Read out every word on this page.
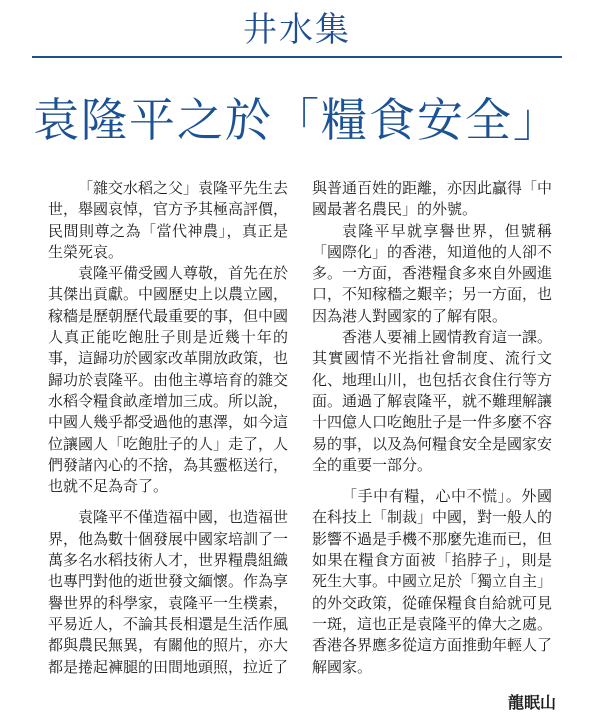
井水集
袁隆平之於「糧食安全」

「雜交水稻之父」袁隆平先生去世，舉國哀悼，官方予其極高評價，民間則尊之為「當代神農」，真正是生榮死哀。

袁隆平備受國人尊敬，首先在於其傑出貢獻。中國歷史上以農立國，稼穡是歷朝歷代最重要的事，但中國人真正能吃飽肚子則是近幾十年的事，這歸功於國家改革開放政策，也歸功於袁隆平。由他主導培育的雜交水稻令糧食畝產增加三成。所以說，中國人幾乎都受過他的惠澤，如今這位讓國人「吃飽肚子的人」走了，人們發諸內心的不捨，為其靈柩送行，也就不足為奇了。

袁隆平不僅造福中國，也造福世界，他為數十個發展中國家培訓了一萬多名水稻技術人才，世界糧農組織也專門對他的逝世發文緬懷。作為享譽世界的科學家，袁隆平一生樸素，平易近人，不論其長相還是生活作風都與農民無異，有關他的照片，亦大都是捲起褲腿的田間地頭照，拉近了

與普通百姓的距離，亦因此贏得「中國最著名農民」的外號。

袁隆平早就享譽世界，但號稱「國際化」的香港，知道他的人卻不多。一方面，香港糧食多來自外國進口，不知稼穡之艱辛；另一方面，也因為港人對國家的了解有限。

香港人要補上國情教育這一課。其實國情不光指社會制度、流行文化、地理山川，也包括衣食住行等方面。通過了解袁隆平，就不難理解讓十四億人口吃飽肚子是一件多麼不容易的事，以及為何糧食安全是國家安全的重要一部分。

「手中有糧，心中不慌」。外國在科技上「制裁」中國，對一般人的影響不過是手機不那麼先進而已，但如果在糧食方面被「掐脖子」，則是死生大事。中國立足於「獨立自主」的外交政策，從確保糧食自給就可見一斑，這也正是袁隆平的偉大之處。香港各界應多從這方面推動年輕人了解國家。

龍眠山
